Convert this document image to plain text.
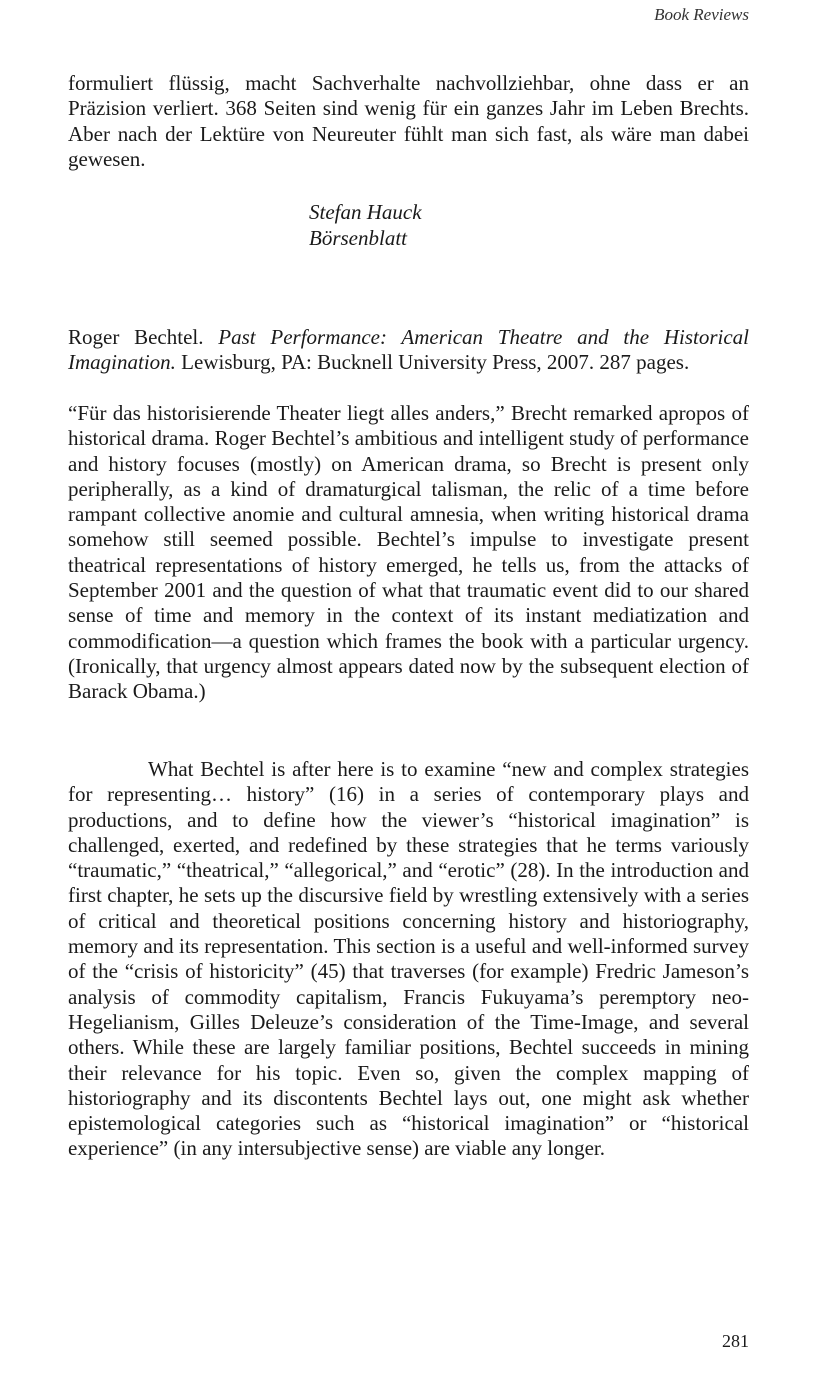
Book Reviews

formuliert flüssig, macht Sachverhalte nachvollziehbar, ohne dass er an Präzision verliert. 368 Seiten sind wenig für ein ganzes Jahr im Leben Brechts. Aber nach der Lektüre von Neureuter fühlt man sich fast, als wäre man dabei gewesen.

Stefan Hauck
Börsenblatt

Roger Bechtel. Past Performance: American Theatre and the Historical Imagination. Lewisburg, PA: Bucknell University Press, 2007. 287 pages.

“Für das historisierende Theater liegt alles anders,” Brecht remarked apropos of historical drama. Roger Bechtel’s ambitious and intelligent study of performance and history focuses (mostly) on American drama, so Brecht is present only peripherally, as a kind of dramaturgical talisman, the relic of a time before rampant collective anomie and cultural amnesia, when writing historical drama somehow still seemed possible. Bechtel’s impulse to investigate present theatrical representations of history emerged, he tells us, from the attacks of September 2001 and the question of what that traumatic event did to our shared sense of time and memory in the context of its instant mediatization and commodification—a question which frames the book with a particular urgency. (Ironically, that urgency almost appears dated now by the subsequent election of Barack Obama.)

What Bechtel is after here is to examine “new and complex strategies for representing… history” (16) in a series of contemporary plays and productions, and to define how the viewer’s “historical imagination” is challenged, exerted, and redefined by these strategies that he terms variously “traumatic,” “theatrical,” “allegorical,” and “erotic” (28). In the introduction and first chapter, he sets up the discursive field by wrestling extensively with a series of critical and theoretical positions concerning history and historiography, memory and its representation. This section is a useful and well-informed survey of the “crisis of historicity” (45) that traverses (for example) Fredric Jameson’s analysis of commodity capitalism, Francis Fukuyama’s peremptory neo-Hegelianism, Gilles Deleuze’s consideration of the Time-Image, and several others. While these are largely familiar positions, Bechtel succeeds in mining their relevance for his topic. Even so, given the complex mapping of historiography and its discontents Bechtel lays out, one might ask whether epistemological categories such as “historical imagination” or “historical experience” (in any intersubjective sense) are viable any longer.

281
